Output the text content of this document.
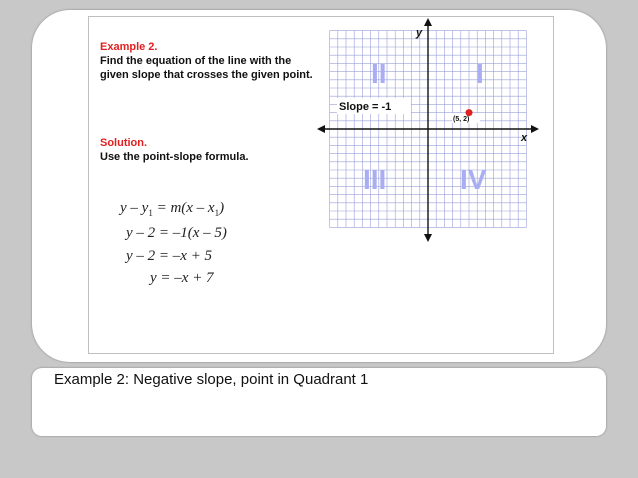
Example 2.

Find the equation of the line with the given slope that crosses the given point.

Solution.

Use the point-slope formula.

$y - y_1 = m(x - x_1)$

y – 2 = –1(x – 5)

y – 2 = –x + 5

y = –x + 7

II	I
III	IV
Slope = -1
(5, 2)
y
x

Example 2: Negative slope, point in Quadrant 1
